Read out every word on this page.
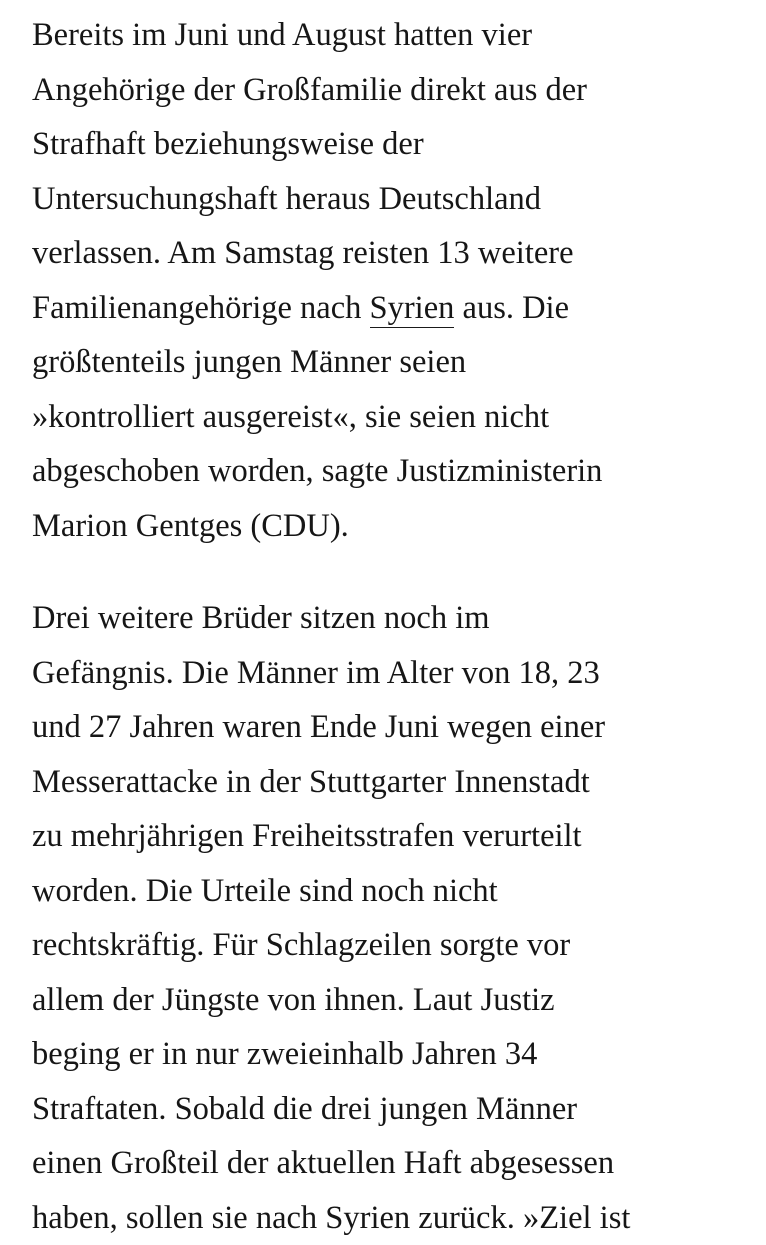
Bereits im Juni und August hatten vier
Angehörige der Großfamilie direkt aus der
Strafhaft beziehungsweise der
Untersuchungshaft heraus Deutschland
verlassen. Am Samstag reisten 13 weitere
Familienangehörige nach Syrien aus. Die
größtenteils jungen Männer seien
»kontrolliert ausgereist«, sie seien nicht
abgeschoben worden, sagte Justizministerin
Marion Gentges (CDU).

Drei weitere Brüder sitzen noch im
Gefängnis. Die Männer im Alter von 18, 23
und 27 Jahren waren Ende Juni wegen einer
Messerattacke in der Stuttgarter Innenstadt
zu mehrjährigen Freiheitsstrafen verurteilt
worden. Die Urteile sind noch nicht
rechtskräftig. Für Schlagzeilen sorgte vor
allem der Jüngste von ihnen. Laut Justiz
beging er in nur zweieinhalb Jahren 34
Straftaten. Sobald die drei jungen Männer
einen Großteil der aktuellen Haft abgesessen
haben, sollen sie nach Syrien zurück. »Ziel ist
